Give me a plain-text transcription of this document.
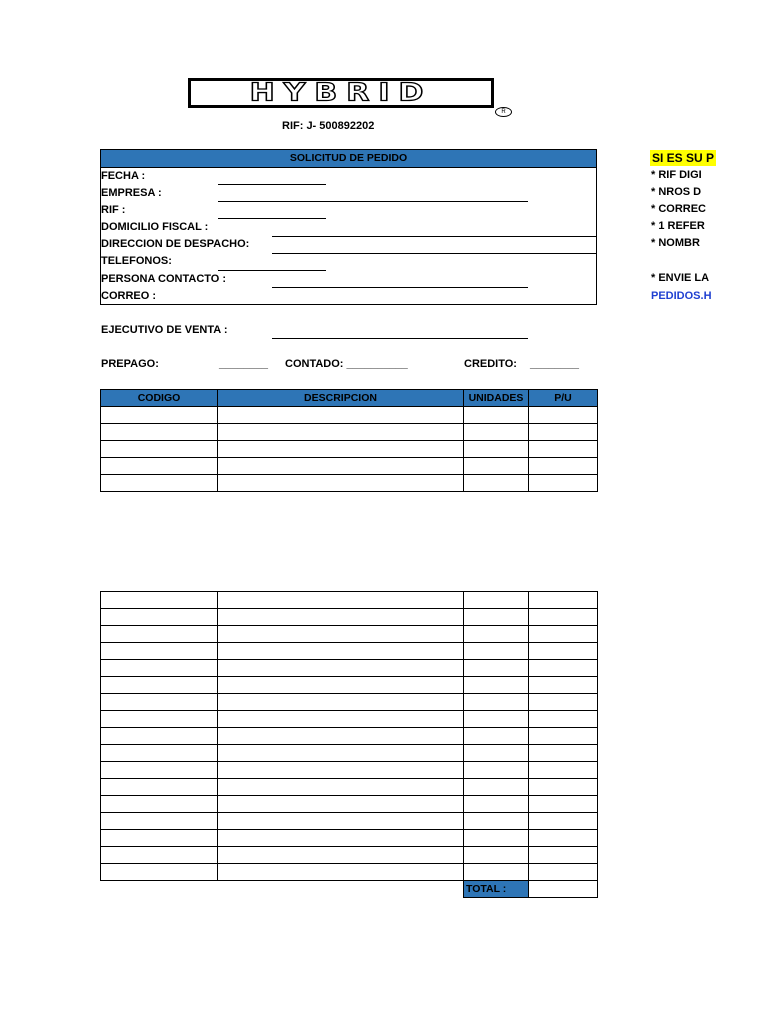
HYBRID
R
RIF: J- 500892202
SOLICITUD DE PEDIDO
FECHA :
EMPRESA :
RIF :
DOMICILIO FISCAL :
DIRECCION DE DESPACHO:
TELEFONOS:
PERSONA CONTACTO :
CORREO :
EJECUTIVO DE VENTA :
PREPAGO:	________ CONTADO: __________	CREDITO: ________
SI ES SU P
* RIF DIGI
* NROS D
* CORREC
* 1 REFER
* NOMBR
* ENVIE LA
PEDIDOS.H
CODIGO	DESCRIPCION	UNIDADES	P/U

		TOTAL :	
